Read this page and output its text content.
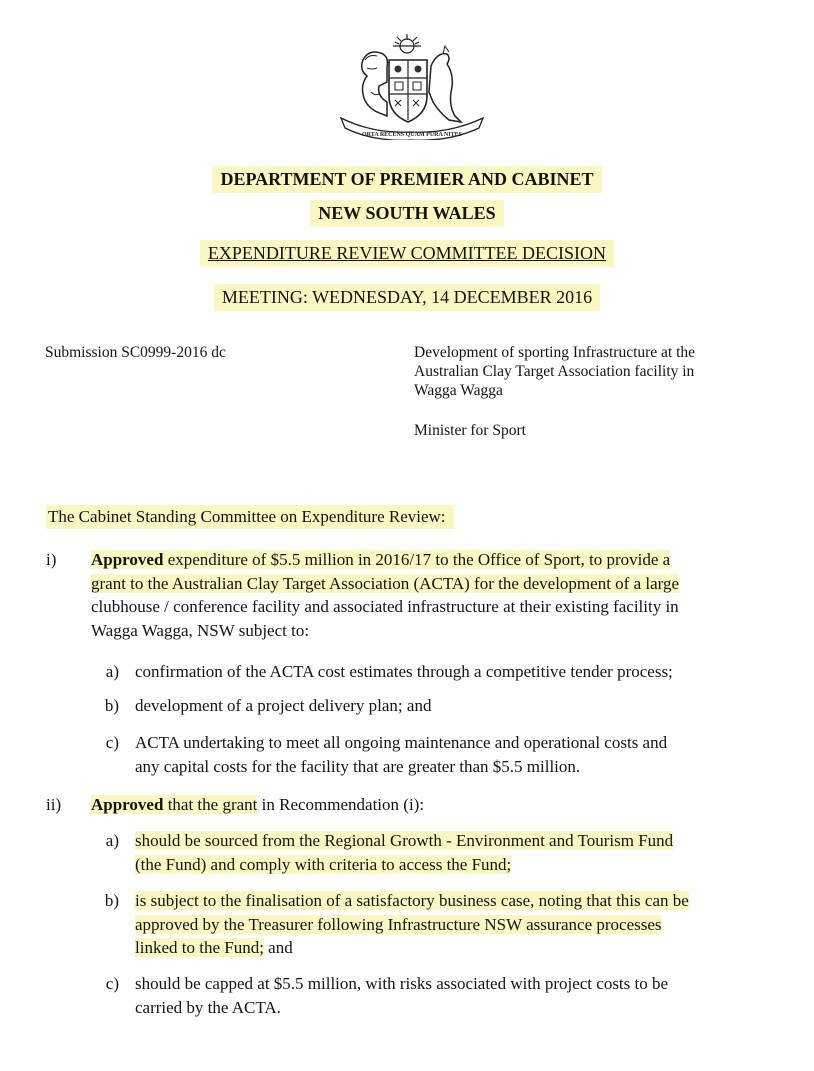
ORTA RECENS QUAM PURA NITES
DEPARTMENT OF PREMIER AND CABINET
NEW SOUTH WALES
EXPENDITURE REVIEW COMMITTEE DECISION
MEETING: WEDNESDAY, 14 DECEMBER 2016
Submission SC0999-2016 dc	Development of sporting Infrastructure at the
Australian Clay Target Association facility in
Wagga Wagga
Minister for Sport
The Cabinet Standing Committee on Expenditure Review:
i) Approved expenditure of $5.5 million in 2016/17 to the Office of Sport, to provide a
grant to the Australian Clay Target Association (ACTA) for the development of a large
clubhouse / conference facility and associated infrastructure at their existing facility in
Wagga Wagga, NSW subject to:
a) confirmation of the ACTA cost estimates through a competitive tender process;
b) development of a project delivery plan; and
c) ACTA undertaking to meet all ongoing maintenance and operational costs and
any capital costs for the facility that are greater than $5.5 million.
ii) Approved that the grant in Recommendation (i):
a) should be sourced from the Regional Growth - Environment and Tourism Fund
(the Fund) and comply with criteria to access the Fund;
b) is subject to the finalisation of a satisfactory business case, noting that this can be
approved by the Treasurer following Infrastructure NSW assurance processes
linked to the Fund; and
c) should be capped at $5.5 million, with risks associated with project costs to be
carried by the ACTA.
